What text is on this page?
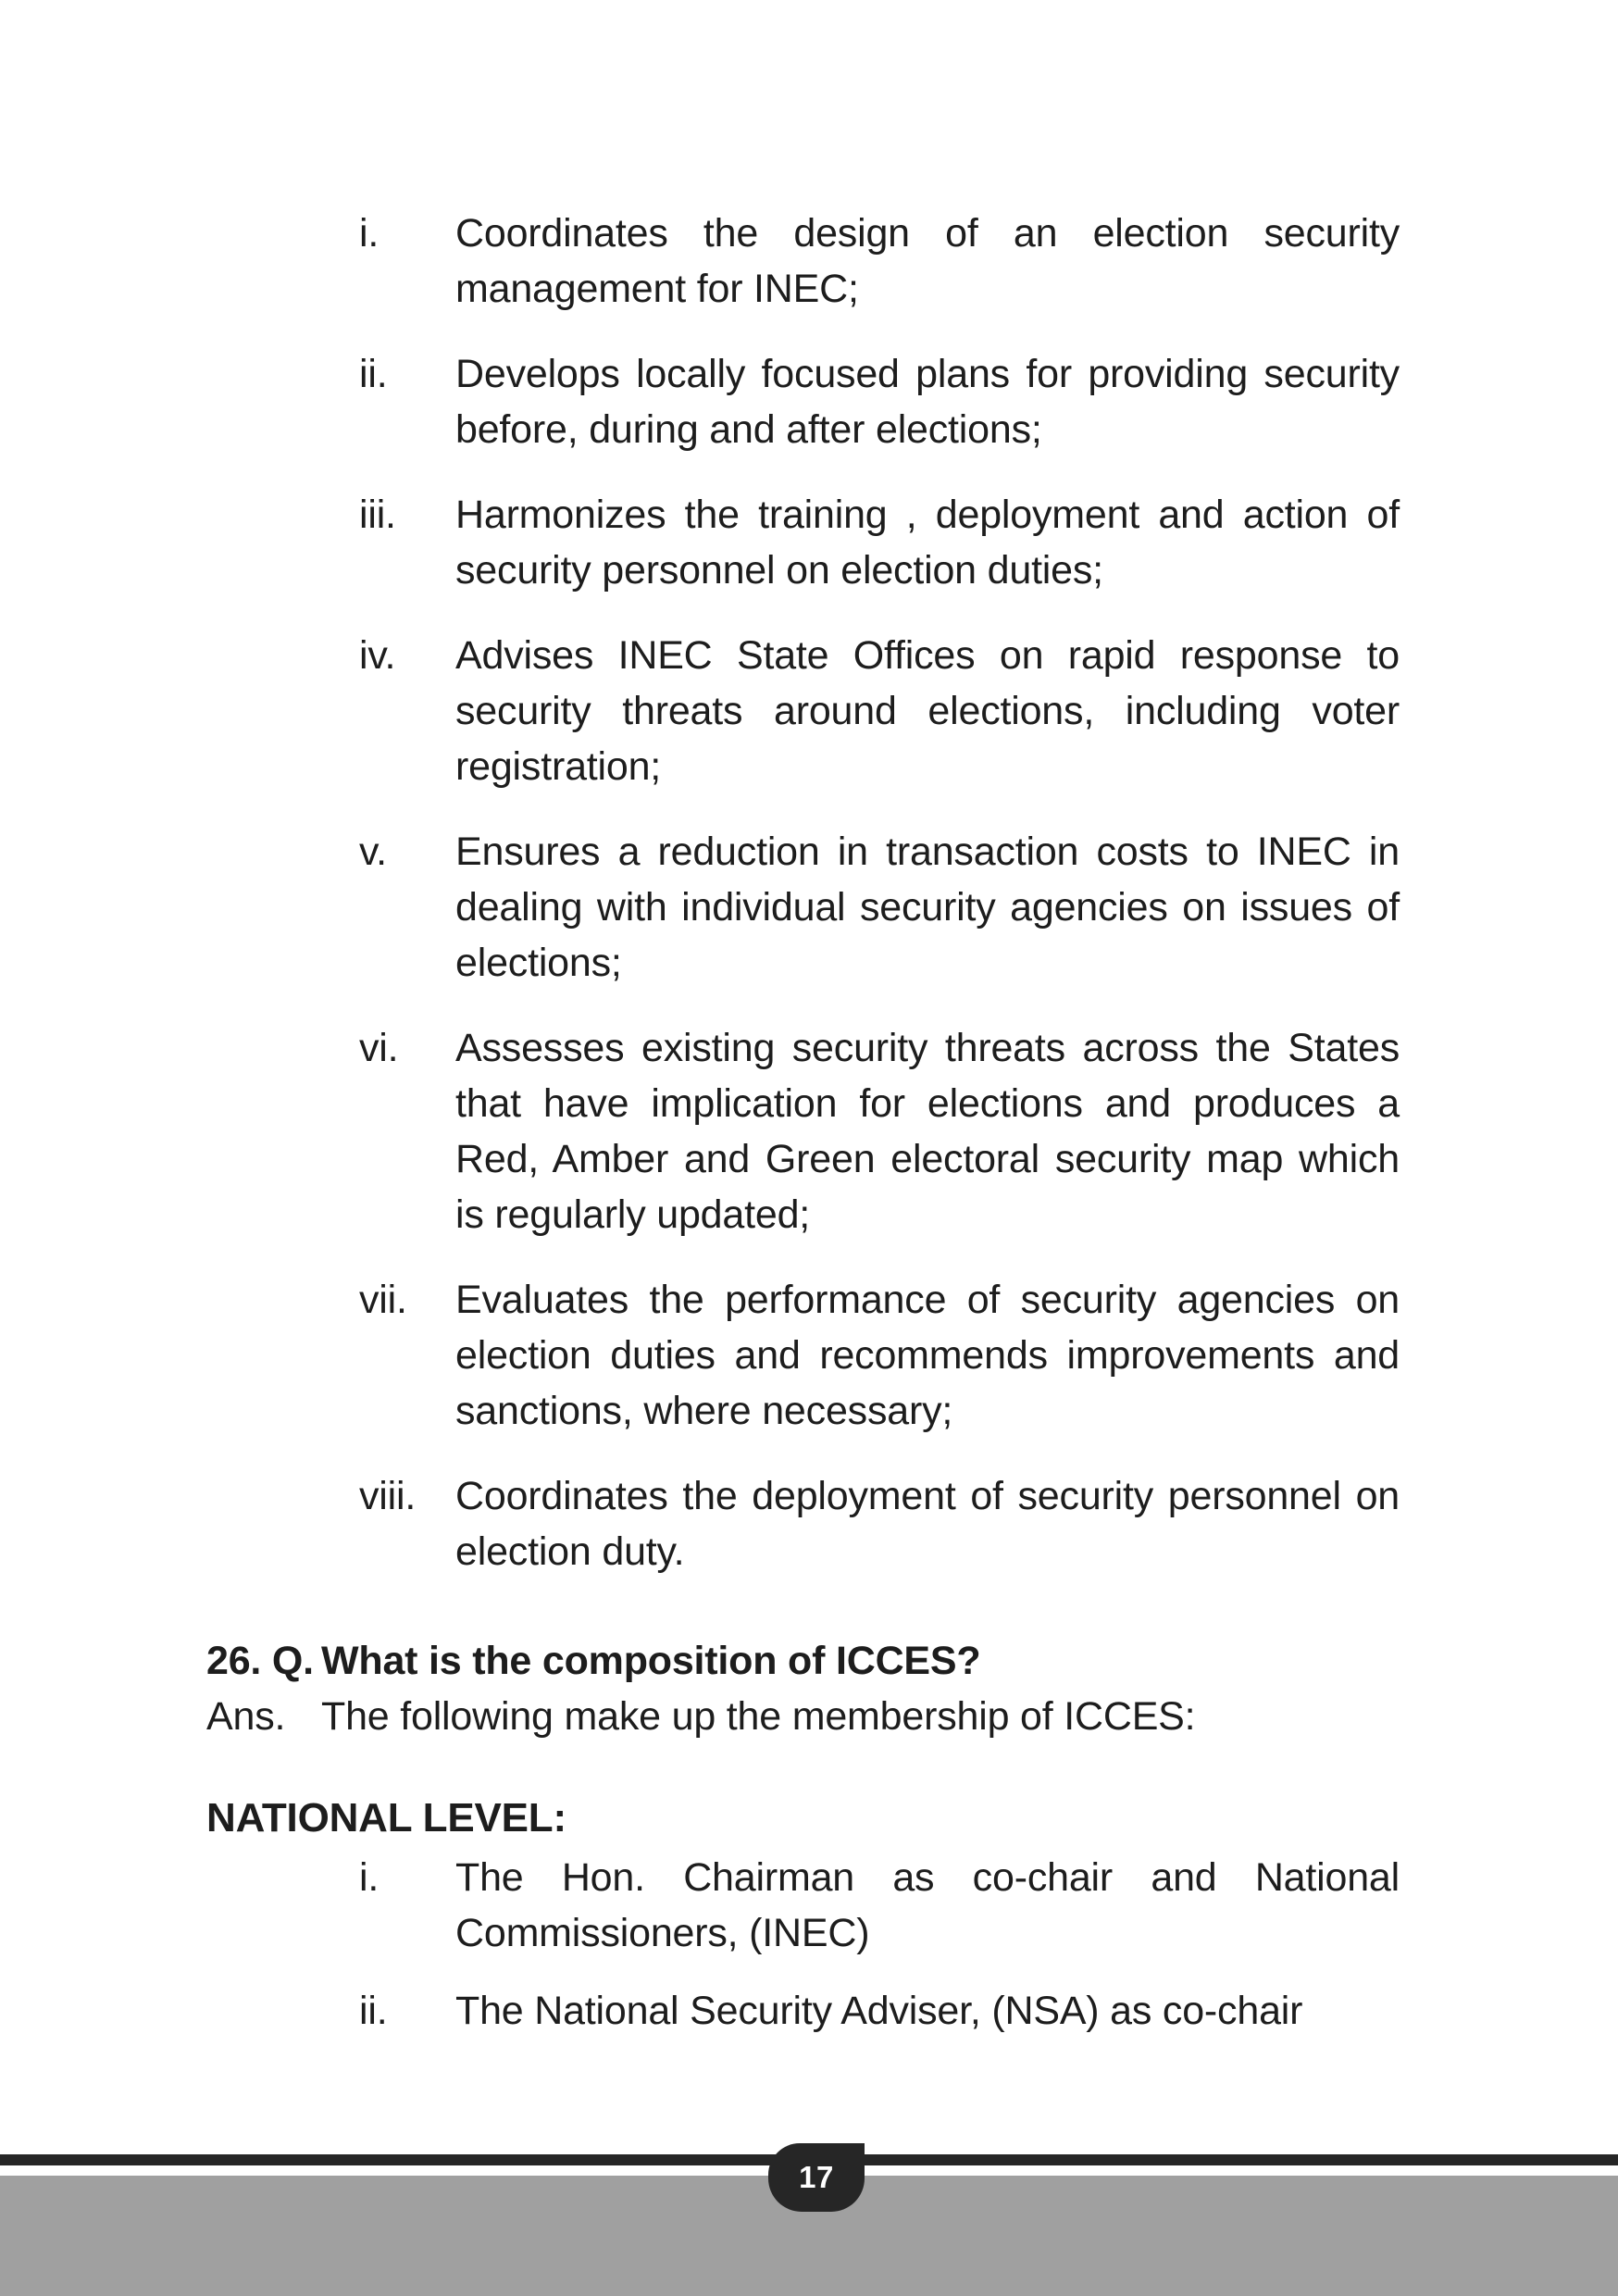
i. Coordinates the design of an election security management for INEC;
ii. Develops locally focused plans for providing security before, during and after elections;
iii. Harmonizes the training , deployment and action of security personnel on election duties;
iv. Advises INEC State Offices on rapid response to security threats around elections, including voter registration;
v. Ensures a reduction in transaction costs to INEC in dealing with individual security agencies on issues of elections;
vi. Assesses existing security threats across the States that have implication for elections and produces a Red, Amber and Green electoral security map which is regularly updated;
vii. Evaluates the performance of security agencies on election duties and recommends improvements and sanctions, where necessary;
viii. Coordinates the deployment of security personnel on election duty.
26. Q. What is the composition of ICCES?
Ans. The following make up the membership of ICCES:
NATIONAL LEVEL:
i. The Hon. Chairman as co-chair and National Commissioners, (INEC)
ii. The National Security Adviser, (NSA) as co-chair
17
